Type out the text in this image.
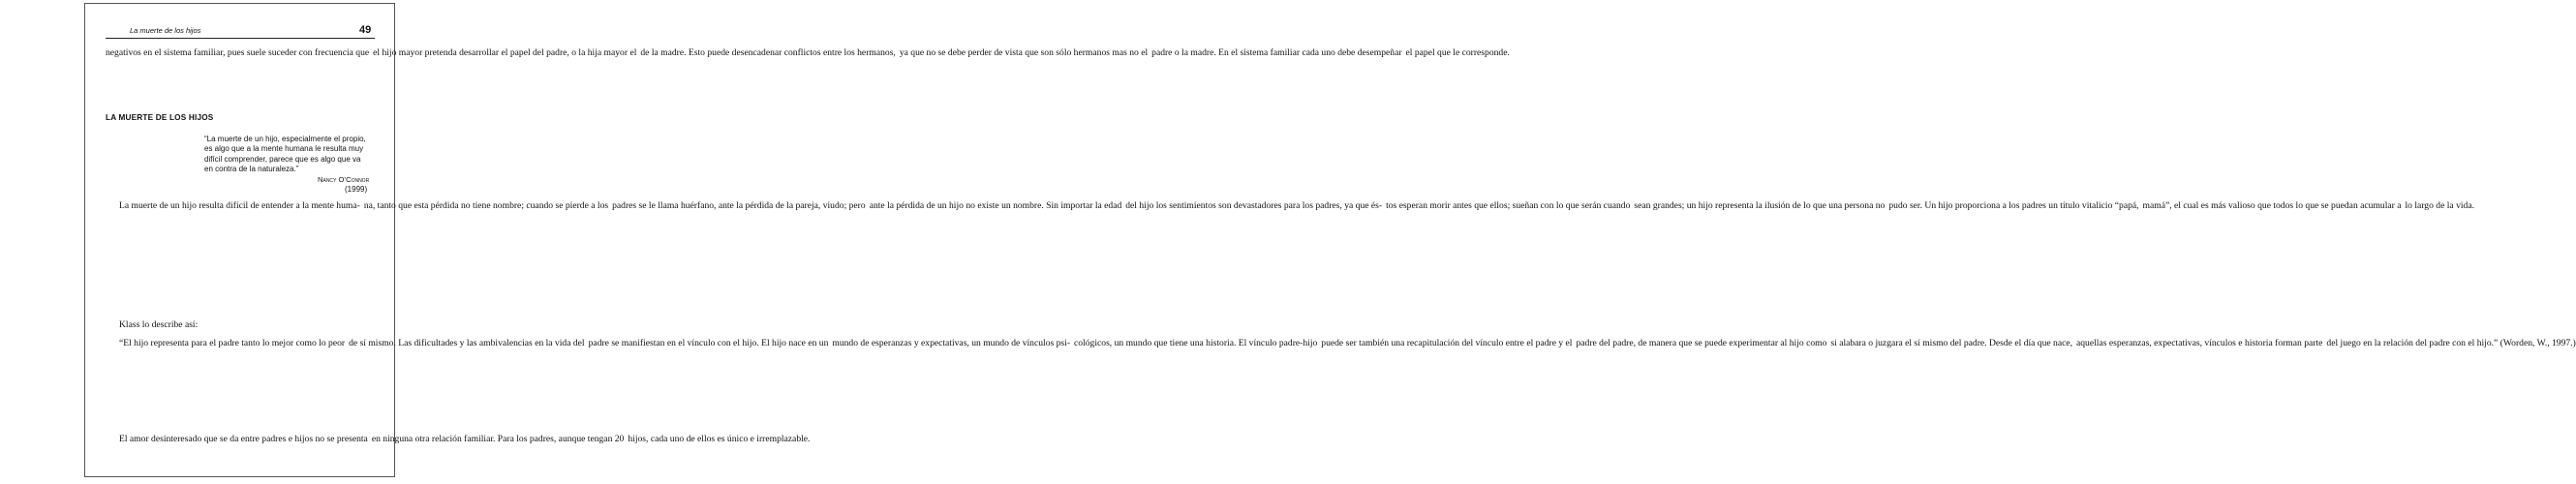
La muerte de los hijos	49
negativos en el sistema familiar, pues suele suceder con frecuencia que el hijo mayor pretenda desarrollar el papel del padre, o la hija mayor el de la madre. Esto puede desencadenar conflictos entre los hermanos, ya que no se debe perder de vista que son sólo hermanos mas no el padre o la madre. En el sistema familiar cada uno debe desempeñar el papel que le corresponde.
LA MUERTE DE LOS HIJOS
“La muerte de un hijo, especialmente el propio,
es algo que a la mente humana le resulta muy
difícil comprender, parece que es algo que va
en contra de la naturaleza.”
Nancy O’Connor
(1999)
La muerte de un hijo resulta difícil de entender a la mente huma- na, tanto que esta pérdida no tiene nombre; cuando se pierde a los padres se le llama huérfano, ante la pérdida de la pareja, viudo; pero ante la pérdida de un hijo no existe un nombre. Sin importar la edad del hijo los sentimientos son devastadores para los padres, ya que és- tos esperan morir antes que ellos; sueñan con lo que serán cuando sean grandes; un hijo representa la ilusión de lo que una persona no pudo ser. Un hijo proporciona a los padres un título vitalicio “papá, mamá”, el cual es más valioso que todos lo que se puedan acumular a lo largo de la vida.
Klass lo describe así:
“El hijo representa para el padre tanto lo mejor como lo peor de sí mismo. Las dificultades y las ambivalencias en la vida del padre se manifiestan en el vínculo con el hijo. El hijo nace en un mundo de esperanzas y expectativas, un mundo de vínculos psi- cológicos, un mundo que tiene una historia. El vínculo padre-hijo puede ser también una recapitulación del vínculo entre el padre y el padre del padre, de manera que se puede experimentar al hijo como si alabara o juzgara el sí mismo del padre. Desde el día que nace, aquellas esperanzas, expectativas, vínculos e historia forman parte del juego en la relación del padre con el hijo.” (Worden, W., 1997.)
El amor desinteresado que se da entre padres e hijos no se presenta en ninguna otra relación familiar. Para los padres, aunque tengan 20 hijos, cada uno de ellos es único e irremplazable.
